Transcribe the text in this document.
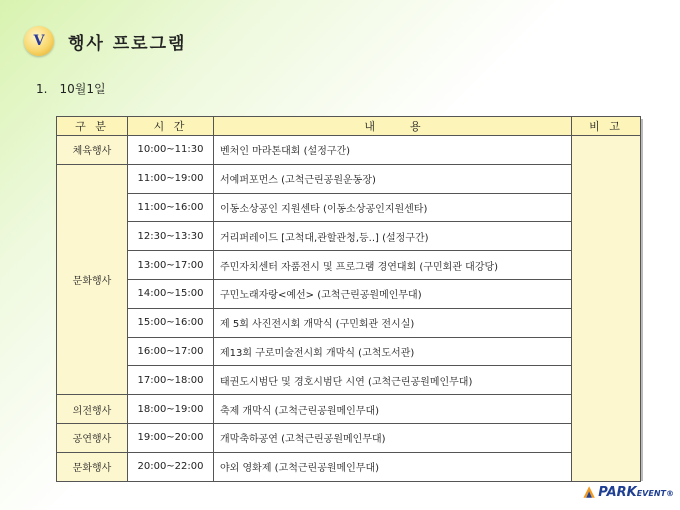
Ⅴ 행사 프로그램
1. 10월1일
구 분	시 간	내          용	비 고
체육행사	10:00~11:30	벤처인 마라톤대회 (설정구간)	
문화행사	11:00~19:00	서예퍼포먼스 (고척근린공원운동장)	
	11:00~16:00	이동소상공인 지원센타 (이동소상공인지원센타)	
	12:30~13:30	거리퍼레이드 [고척대,관할관청,등..] (설정구간)	
	13:00~17:00	주민자치센터 자품전시 및 프로그램 경연대회 (구민회관 대강당)	
	14:00~15:00	구민노래자랑<예선> (고척근린공원메인무대)	
	15:00~16:00	제 5회 사진전시회 개막식 (구민회관 전시실)	
	16:00~17:00	제13회 구로미술전시회 개막식 (고척도서관)	
	17:00~18:00	태권도시범단 및 경호시범단 시연 (고척근린공원메인무대)	
의전행사	18:00~19:00	축제 개막식 (고척근린공원메인무대)	
공연행사	19:00~20:00	개막축하공연 (고척근린공원메인무대)	
문화행사	20:00~22:00	야외 영화제 (고척근린공원메인무대)	
PARKEVENT®
